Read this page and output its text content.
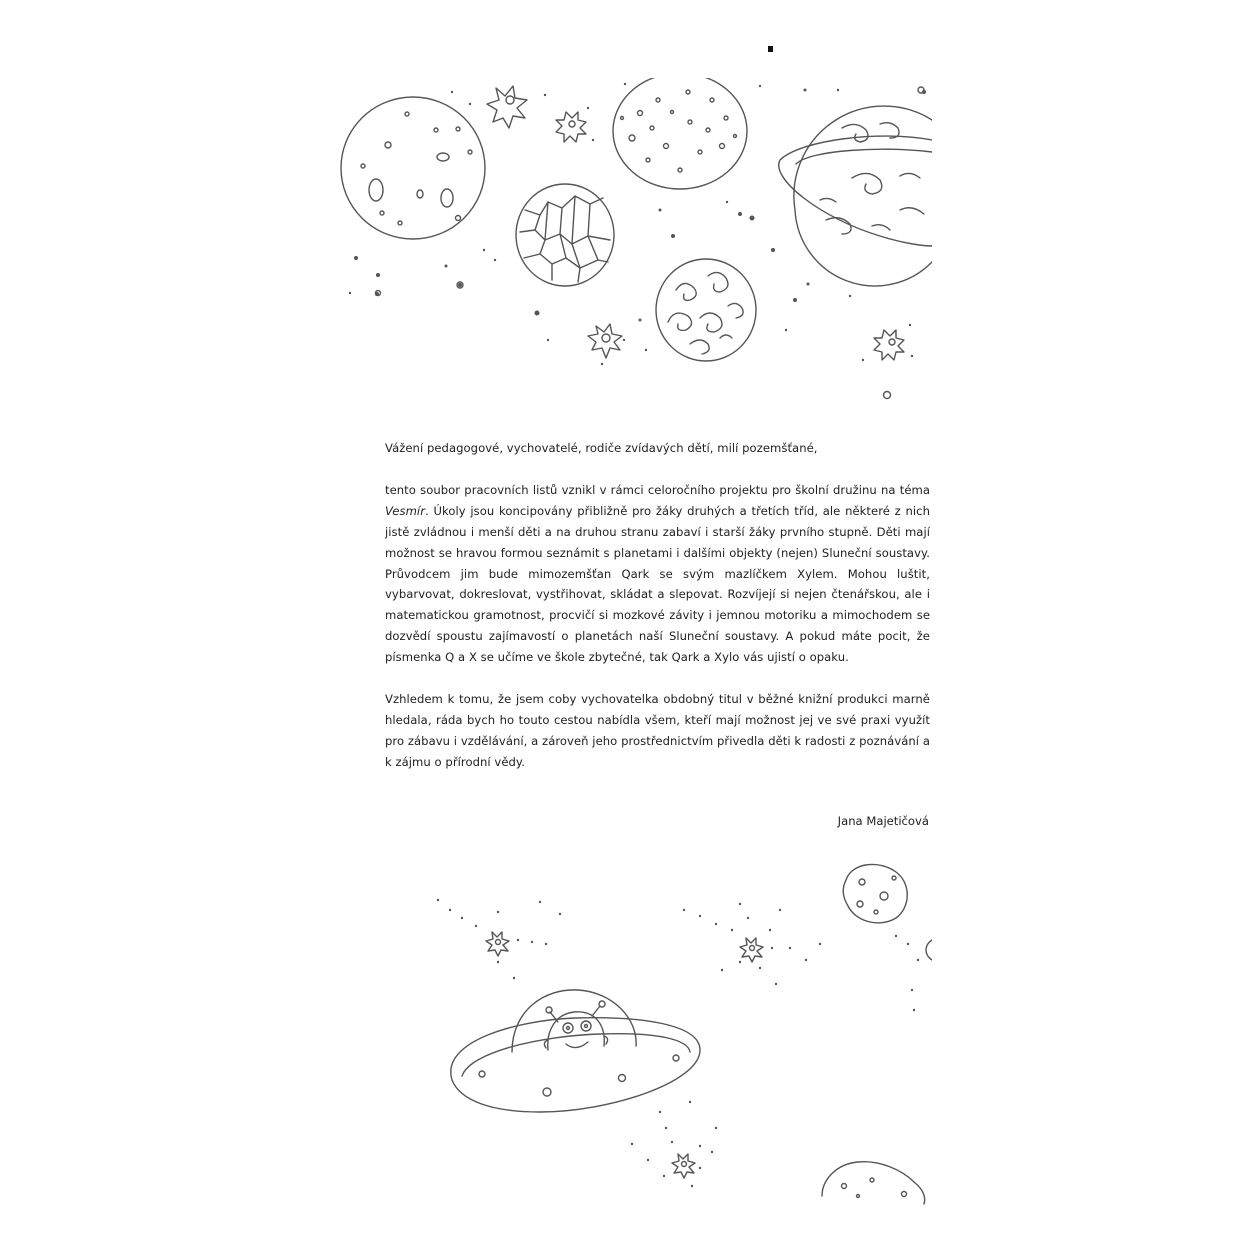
Vážení pedagogové, vychovatelé, rodiče zvídavých dětí, milí pozemšťané,

tento soubor pracovních listů vznikl v rámci celoročního projektu pro školní družinu na téma Vesmír. Úkoly jsou koncipovány přibližně pro žáky druhých a třetích tříd, ale některé z nich jistě zvládnou i menší děti a na druhou stranu zabaví i starší žáky prvního stupně. Děti mají možnost se hravou formou seznámit s planetami i dalšími objekty (nejen) Sluneční soustavy. Průvodcem jim bude mimozemšťan Qark se svým mazlíčkem Xylem. Mohou luštit, vybarvovat, dokreslovat, vystřihovat, skládat a slepovat. Rozvíjejí si nejen čtenářskou, ale i matematickou gramotnost, procvičí si mozkové závity i jemnou motoriku a mimochodem se dozvědí spoustu zajímavostí o planetách naší Sluneční soustavy. A pokud máte pocit, že písmenka Q a X se učíme ve škole zbytečné, tak Qark a Xylo vás ujistí o opaku.

Vzhledem k tomu, že jsem coby vychovatelka obdobný titul v běžné knižní produkci marně hledala, ráda bych ho touto cestou nabídla všem, kteří mají možnost jej ve své praxi využít pro zábavu i vzdělávání, a zároveň jeho prostřednictvím přivedla děti k radosti z poznávání a k zájmu o přírodní vědy.

Jana Majetičová
